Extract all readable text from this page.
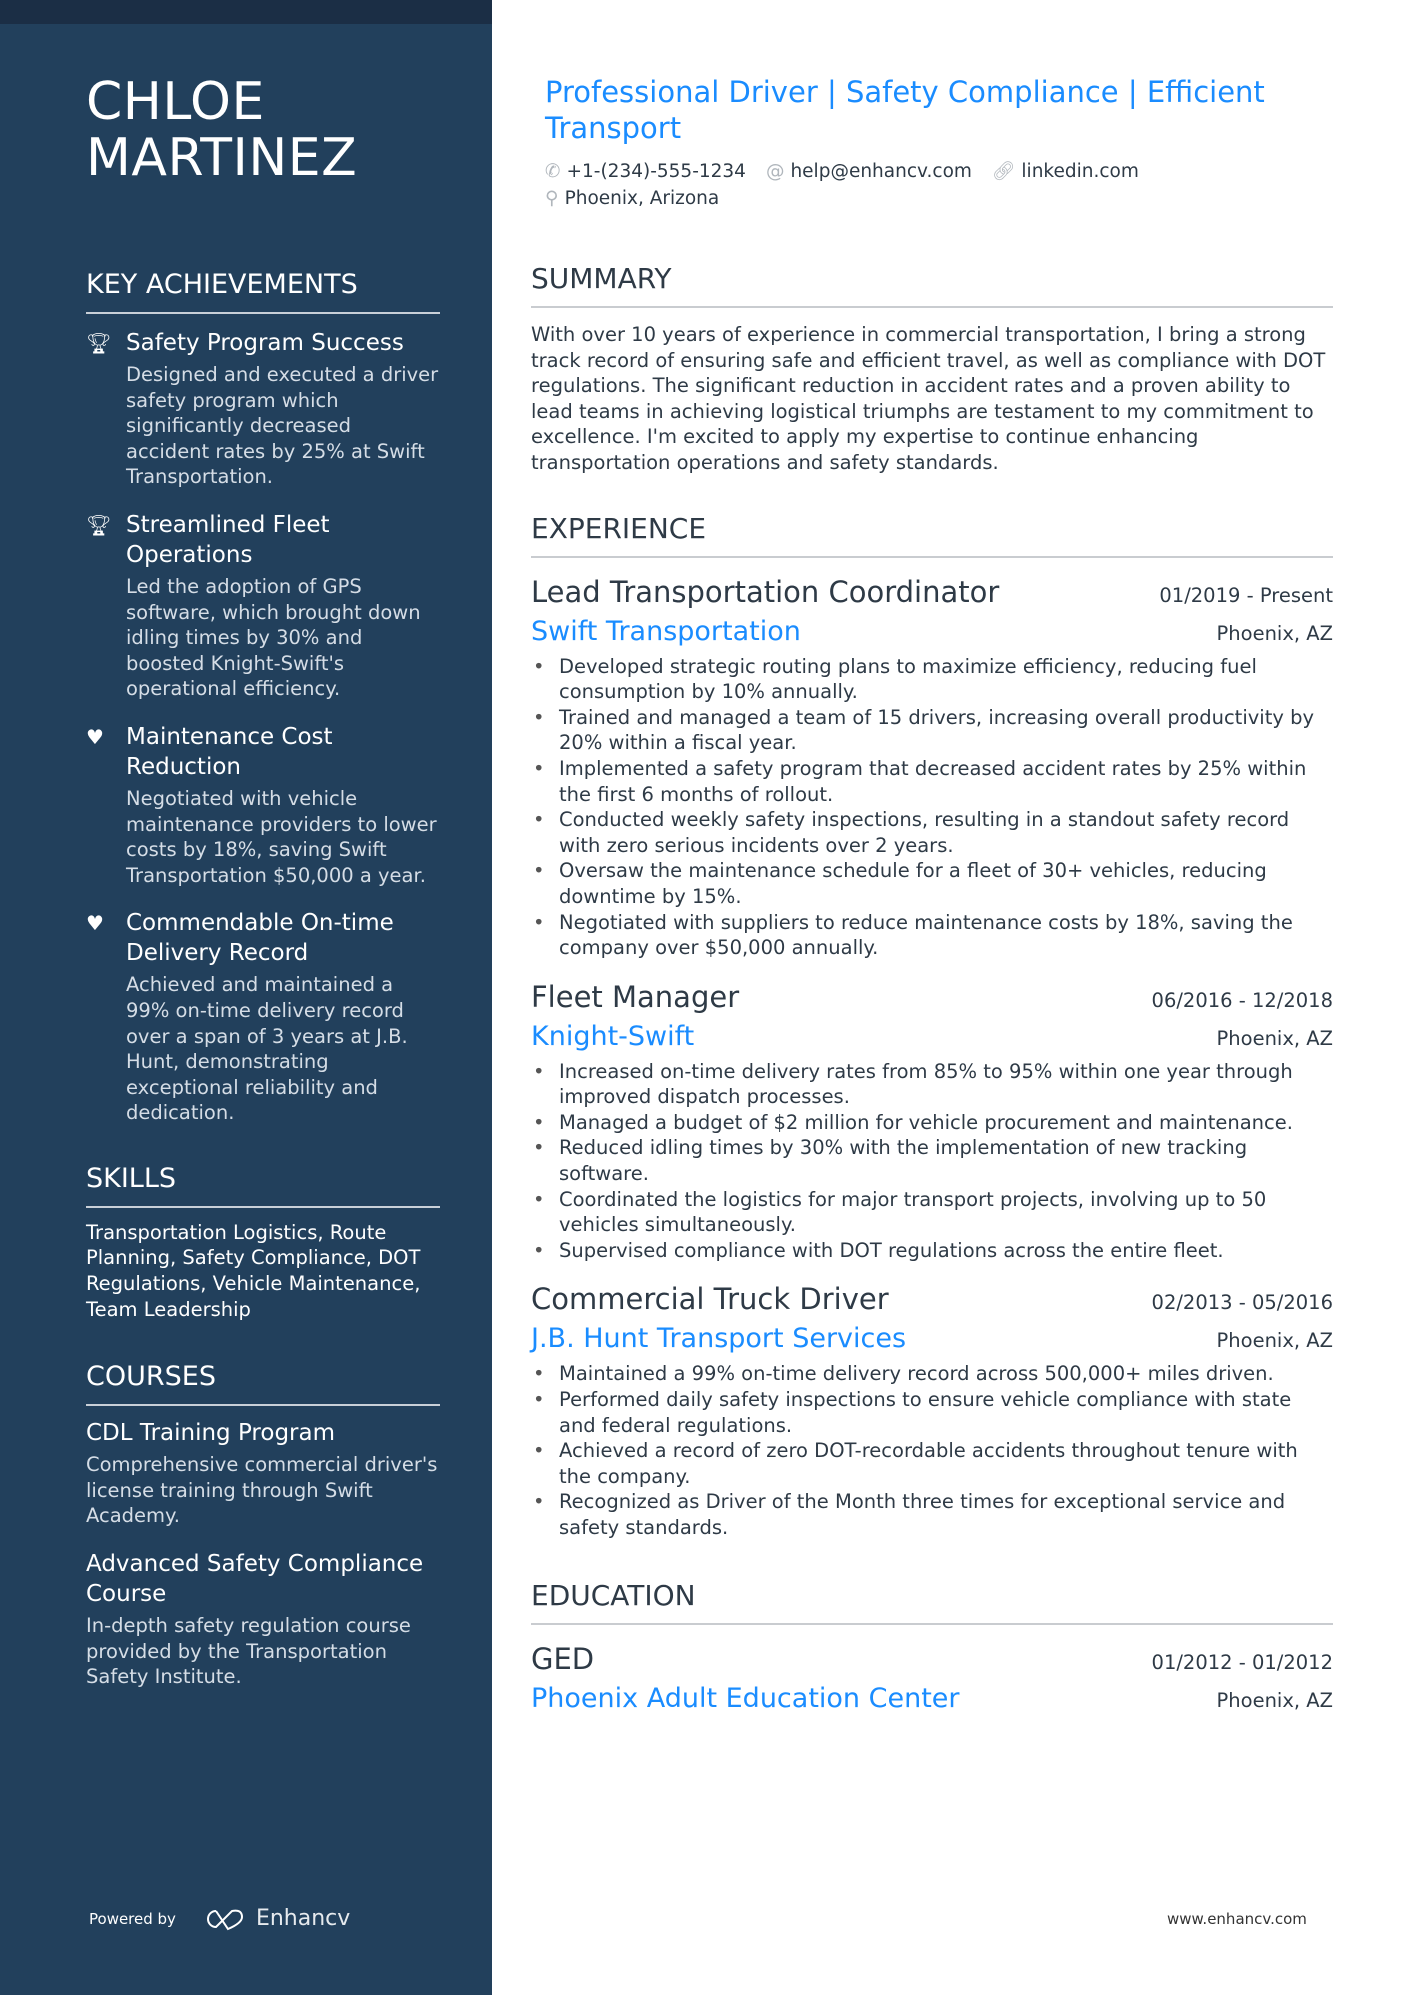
CHLOE
MARTINEZ
KEY ACHIEVEMENTS
🏆︎ Safety Program Success
Designed and executed a driver safety program which significantly decreased accident rates by 25% at Swift Transportation.
🏆︎ Streamlined Fleet Operations
Led the adoption of GPS software, which brought down idling times by 30% and boosted Knight-Swift's operational efficiency.
♥ Maintenance Cost Reduction
Negotiated with vehicle maintenance providers to lower costs by 18%, saving Swift Transportation $50,000 a year.
♥ Commendable On-time Delivery Record
Achieved and maintained a 99% on-time delivery record over a span of 3 years at J.B. Hunt, demonstrating exceptional reliability and dedication.
SKILLS
Transportation Logistics, Route Planning, Safety Compliance, DOT Regulations, Vehicle Maintenance, Team Leadership
COURSES
CDL Training Program
Comprehensive commercial driver's license training through Swift Academy.
Advanced Safety Compliance Course
In-depth safety regulation course provided by the Transportation Safety Institute.
Powered by	Enhancv
Professional Driver | Safety Compliance | Efficient Transport
✆ +1-(234)-555-1234 @ help@enhancv.com 🔗︎ linkedin.com
⚲ Phoenix, Arizona
SUMMARY
With over 10 years of experience in commercial transportation, I bring a strong track record of ensuring safe and efficient travel, as well as compliance with DOT regulations. The significant reduction in accident rates and a proven ability to lead teams in achieving logistical triumphs are testament to my commitment to excellence. I'm excited to apply my expertise to continue enhancing transportation operations and safety standards.
EXPERIENCE
Lead Transportation Coordinator	01/2019 - Present
Swift Transportation	Phoenix, AZ
• Developed strategic routing plans to maximize efficiency, reducing fuel consumption by 10% annually.
• Trained and managed a team of 15 drivers, increasing overall productivity by 20% within a fiscal year.
• Implemented a safety program that decreased accident rates by 25% within the first 6 months of rollout.
• Conducted weekly safety inspections, resulting in a standout safety record with zero serious incidents over 2 years.
• Oversaw the maintenance schedule for a fleet of 30+ vehicles, reducing downtime by 15%.
• Negotiated with suppliers to reduce maintenance costs by 18%, saving the company over $50,000 annually.
Fleet Manager	06/2016 - 12/2018
Knight-Swift	Phoenix, AZ
• Increased on-time delivery rates from 85% to 95% within one year through improved dispatch processes.
• Managed a budget of $2 million for vehicle procurement and maintenance.
• Reduced idling times by 30% with the implementation of new tracking software.
• Coordinated the logistics for major transport projects, involving up to 50 vehicles simultaneously.
• Supervised compliance with DOT regulations across the entire fleet.
Commercial Truck Driver	02/2013 - 05/2016
J.B. Hunt Transport Services	Phoenix, AZ
• Maintained a 99% on-time delivery record across 500,000+ miles driven.
• Performed daily safety inspections to ensure vehicle compliance with state and federal regulations.
• Achieved a record of zero DOT-recordable accidents throughout tenure with the company.
• Recognized as Driver of the Month three times for exceptional service and safety standards.
EDUCATION
GED	01/2012 - 01/2012
Phoenix Adult Education Center	Phoenix, AZ
www.enhancv.com
